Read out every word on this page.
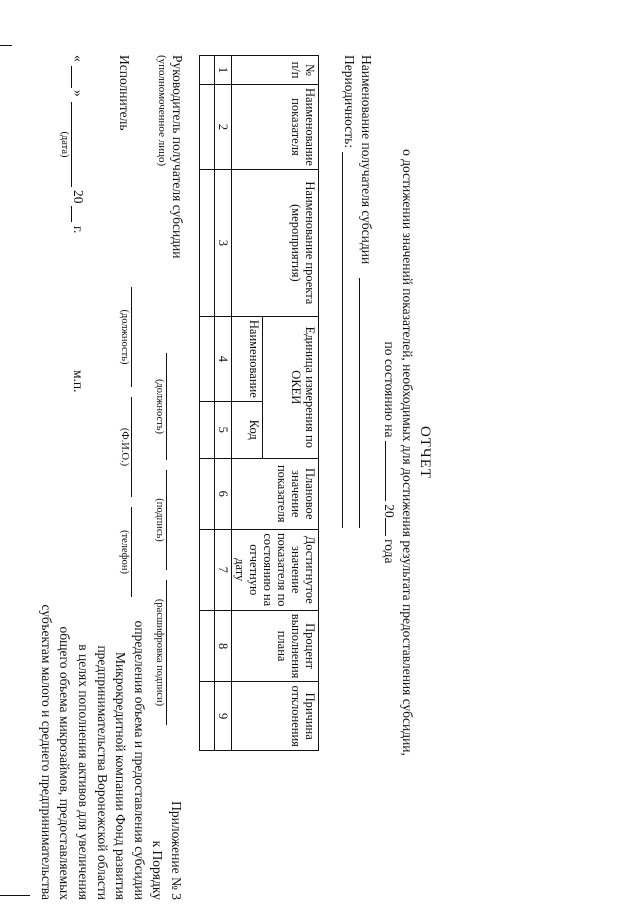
Приложение № 3
к Порядку
определения объема и предоставления субсидии
Микрокредитной компании Фонд развития
предпринимательства Воронежской области
в целях пополнения активов для увеличения
общего объема микрозаймов, предоставляемых
субъектам малого и среднего предпринимательства
ОТЧЕТ
о достижении значений показателей, необходимых для достижения результата предоставления субсидии,
по состоянию на  20 года
Наименование получателя субсидии
Периодичность:
№ п/п	Наименование показателя	Наименование проекта (мероприятия)	Единица измерения по ОКЕИ		Плановое значение показателя	Достигнутое значение показателя по состоянию на отчетную дату	Процент выполнения плана	Причина отклонения
			Наименование	Код				
1	2	3	4	5	6	7	8	9

Руководитель получателя субсидии
(уполномоченное лицо)
(должность)
(подпись)
(расшифровка подписи)
Исполнитель
(должность)
(Ф.И.О.)
(телефон)
«
»
(дата)
20
г.
м.п.
